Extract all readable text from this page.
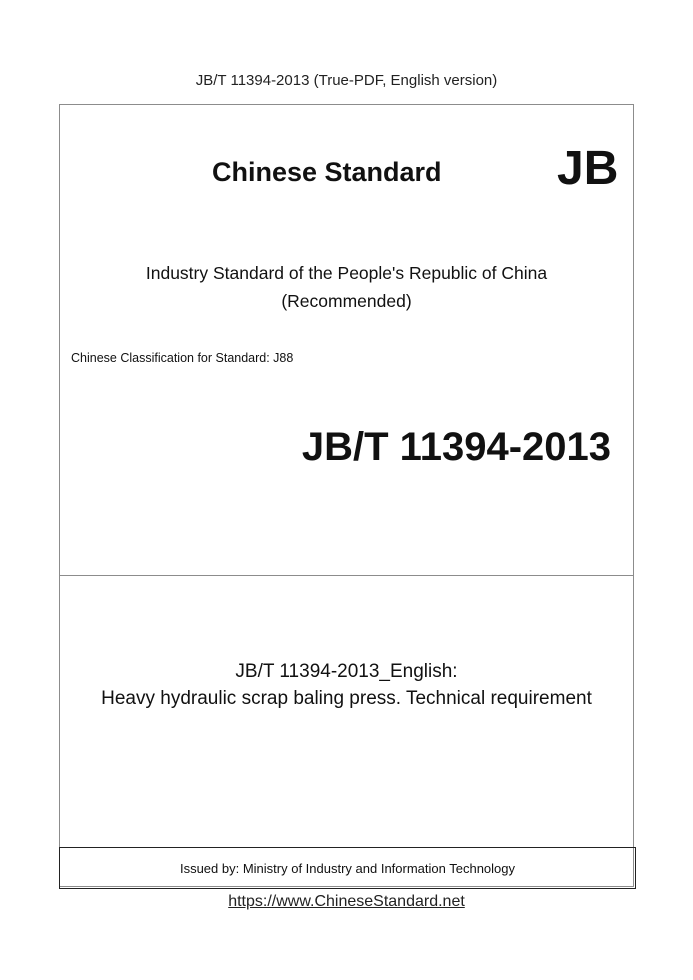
JB/T 11394-2013 (True-PDF, English version)
Chinese Standard JB
Industry Standard of the People's Republic of China
(Recommended)
Chinese Classification for Standard: J88
JB/T 11394-2013
JB/T 11394-2013_English:
Heavy hydraulic scrap baling press. Technical requirement
Issued by: Ministry of Industry and Information Technology
https://www.ChineseStandard.net
